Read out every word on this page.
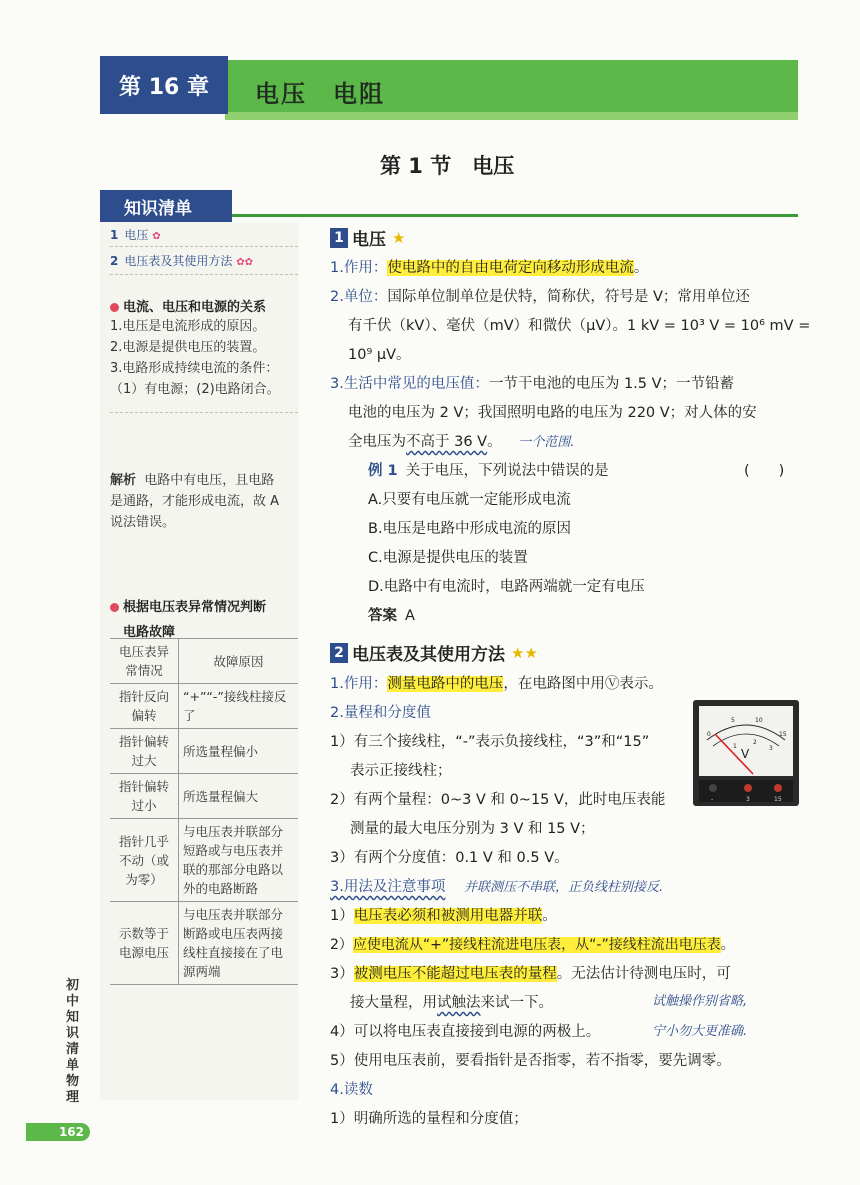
第 16 章	电压　电阻
第 1 节　电压
知识清单
1 电压 ✿
2 电压表及其使用方法 ✿✿
电流、电压和电源的关系
1.电压是电流形成的原因。
2.电源是提供电压的装置。
3.电路形成持续电流的条件：
（1）有电源；(2)电路闭合。
解析 电路中有电压，且电路
是通路，才能形成电流，故 A
说法错误。
根据电压表异常情况判断
电路故障
电压表异常情况	故障原因
指针反向偏转	“+”“-”接线柱接反了
指针偏转过大	所选量程偏小
指针偏转过小	所选量程偏大
指针几乎不动（或为零）	与电压表并联部分短路或与电压表并联的那部分电路以外的电路断路
示数等于电源电压	与电压表并联部分断路或电压表两接线柱直接接在了电源两端
初中知识清单　物理
162
1 电压 ★
1.作用：使电路中的自由电荷定向移动形成电流。
2.单位：国际单位制单位是伏特，简称伏，符号是 V；常用单位还
有千伏（kV）、毫伏（mV）和微伏（μV）。1 kV = 10³ V = 10⁶ mV =
10⁹ μV。
3.生活中常见的电压值：一节干电池的电压为 1.5 V；一节铅蓄
电池的电压为 2 V；我国照明电路的电压为 220 V；对人体的安
全电压为不高于 36 V。 一个范围.
例 1 关于电压，下列说法中错误的是	(　　)
A.只要有电压就一定能形成电流
B.电压是电路中形成电流的原因
C.电源是提供电压的装置
D.电路中有电流时，电路两端就一定有电压
答案 A
2 电压表及其使用方法 ★★
1.作用：测量电路中的电压，在电路图中用Ⓥ表示。
2.量程和分度值
1）有三个接线柱，“-”表示负接线柱，“3”和“15”
表示正接线柱；
2）有两个量程：0~3 V 和 0~15 V，此时电压表能
测量的最大电压分别为 3 V 和 15 V；
3）有两个分度值：0.1 V 和 0.5 V。
3.用法及注意事项 并联测压不串联，正负线柱别接反.
1）电压表必须和被测用电器并联。
2）应使电流从“+”接线柱流进电压表，从“-”接线柱流出电压表。
3）被测电压不能超过电压表的量程。无法估计待测电压时，可
接大量程，用试触法来试一下。	试触操作别省略,
4）可以将电压表直接接到电源的两极上。	宁小勿大更准确.
5）使用电压表前，要看指针是否指零，若不指零，要先调零。
4.读数
1）明确所选的量程和分度值；
0
5	10
15
1
2
3
V
-	3	15
